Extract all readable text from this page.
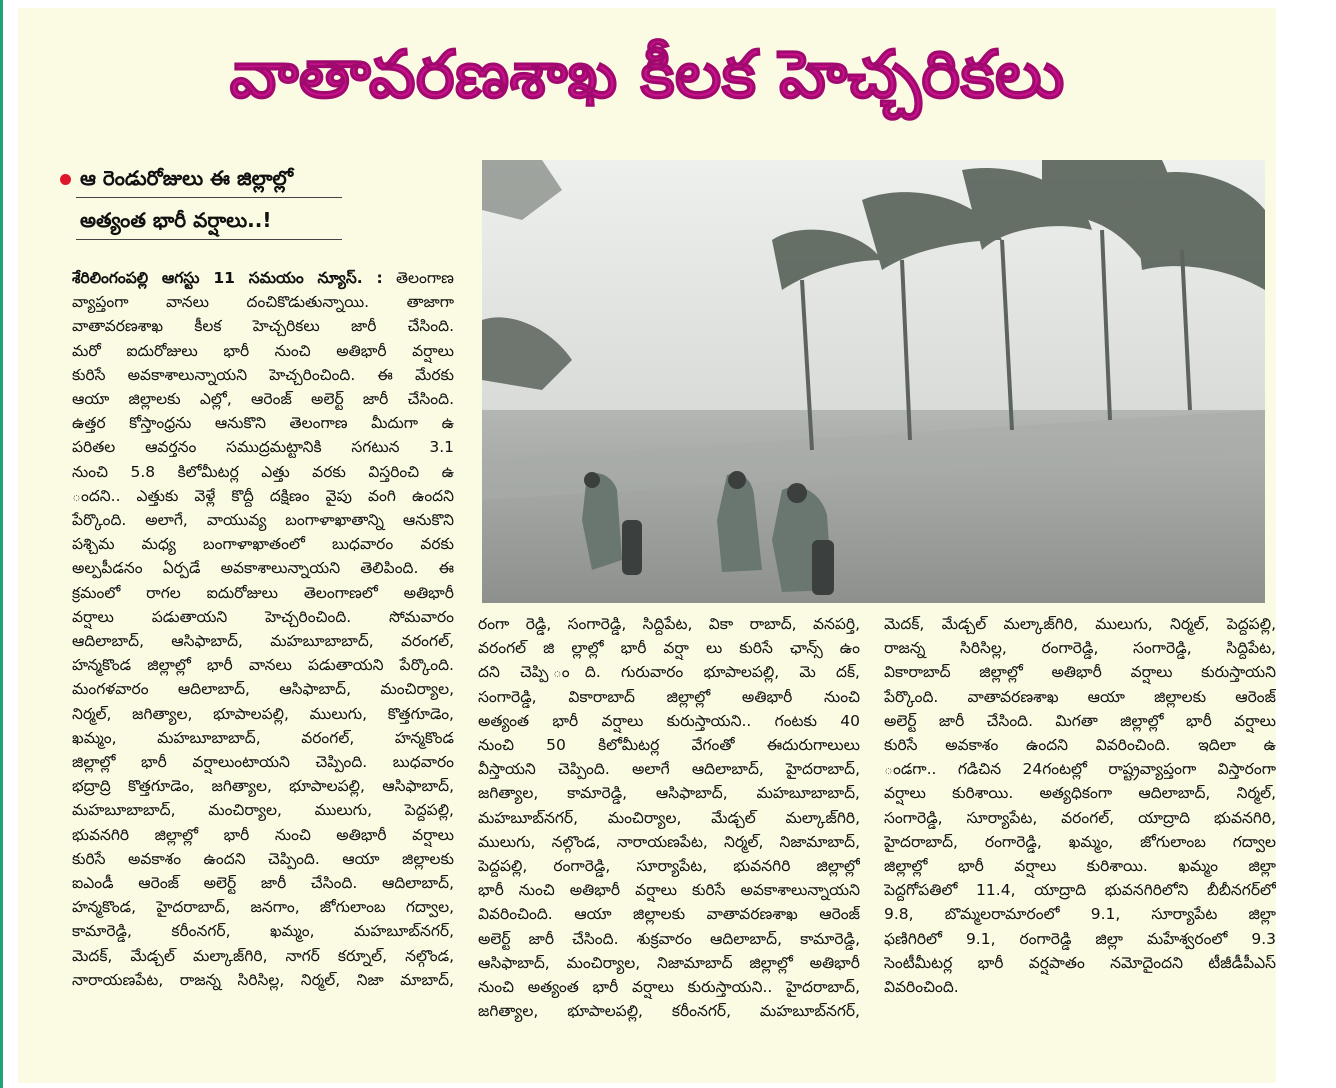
వాతావరణశాఖ కీలక హెచ్చరికలు
ఆ రెండురోజులు ఈ జిల్లాల్లో
అత్యంత భారీ వర్షాలు..!

శేరిలింగంపల్లి ఆగస్టు 11 సమయం న్యూస్. : తెలంగాణ

వ్యాప్తంగా వానలు దంచికొడుతున్నాయి. తాజాగా

వాతావరణశాఖ కీలక హెచ్చరికలు జారీ చేసింది.

మరో ఐదురోజులు భారీ నుంచి అతిభారీ వర్షాలు

కురిసే అవకాశాలున్నాయని హెచ్చరించింది. ఈ మేరకు

ఆయా జిల్లాలకు ఎల్లో, ఆరెంజ్ అలెర్ట్ జారీ చేసింది.

ఉత్తర కోస్తాంధ్రను ఆనుకొని తెలంగాణ మీదుగా ఉ

పరితల ఆవర్తనం సముద్రమట్టానికి సగటున 3.1

నుంచి 5.8 కిలోమీటర్ల ఎత్తు వరకు విస్తరించి ఉ

ందని.. ఎత్తుకు వెళ్లే కొద్దీ దక్షిణం వైపు వంగి ఉందని

పేర్కొంది. అలాగే, వాయువ్య బంగాళాఖాతాన్ని ఆనుకొని

పశ్చిమ మధ్య బంగాళాఖాతంలో బుధవారం వరకు

అల్పపీడనం ఏర్పడే అవకాశాలున్నాయని తెలిపింది. ఈ

క్రమంలో రాగల ఐదురోజులు తెలంగాణలో అతిభారీ

వర్షాలు పడుతాయని హెచ్చరించింది. సోమవారం

ఆదిలాబాద్, ఆసిఫాబాద్, మహబూబాబాద్, వరంగల్,

హన్మకొండ జిల్లాల్లో భారీ వానలు పడుతాయని పేర్కొంది.

మంగళవారం ఆదిలాబాద్, ఆసిఫాబాద్, మంచిర్యాల,

నిర్మల్, జగిత్యాల, భూపాలపల్లి, ములుగు, కొత్తగూడెం,

ఖమ్మం, మహబూబాబాద్, వరంగల్, హన్మకొండ

జిల్లాల్లో భారీ వర్షాలుంటాయని చెప్పింది. బుధవారం

భద్రాద్రి కొత్తగూడెం, జగిత్యాల, భూపాలపల్లి, ఆసిఫాబాద్,

మహబూబాబాద్, మంచిర్యాల, ములుగు, పెద్దపల్లి,

భువనగిరి జిల్లాల్లో భారీ నుంచి అతిభారీ వర్షాలు

కురిసే అవకాశం ఉందని చెప్పింది. ఆయా జిల్లాలకు

ఐఎండీ ఆరెంజ్ అలెర్ట్ జారీ చేసింది. ఆదిలాబాద్,

హన్మకొండ, హైదరాబాద్, జనగాం, జోగులాంబ గద్వాల,

కామారెడ్డి, కరీంనగర్, ఖమ్మం, మహబూబ్‌నగర్,

మెదక్, మేడ్చల్ మల్కాజ్‌గిరి, నాగర్ కర్నూల్, నల్గొండ,

నారాయణపేట, రాజన్న సిరిసిల్ల, నిర్మల్, నిజా మాబాద్,

రంగా రెడ్డి, సంగారెడ్డి, సిద్దిపేట, వికా రాబాద్, వనపర్తి,

వరంగల్ జి ల్లాల్లో భారీ వర్షా లు కురిసే ఛాన్స్ ఉం

దని చెప్పి ంది. గురువారం భూపాలపల్లి, మె దక్,

సంగారెడ్డి, వికారాబాద్ జిల్లాల్లో అతిభారీ నుంచి

అత్యంత భారీ వర్షాలు కురుస్తాయని.. గంటకు 40

నుంచి 50 కిలోమీటర్ల వేగంతో ఈదురుగాలులు

వీస్తాయని చెప్పింది. అలాగే ఆదిలాబాద్, హైదరాబాద్,

జగిత్యాల, కామారెడ్డి, ఆసిఫాబాద్, మహబూబాబాద్,

మహబూబ్‌నగర్, మంచిర్యాల, మేడ్చల్ మల్కాజ్‌గిరి,

ములుగు, నల్గొండ, నారాయణపేట, నిర్మల్, నిజామాబాద్,

పెద్దపల్లి, రంగారెడ్డి, సూర్యాపేట, భువనగిరి జిల్లాల్లో

భారీ నుంచి అతిభారీ వర్షాలు కురిసే అవకాశాలున్నాయని

వివరించింది. ఆయా జిల్లాలకు వాతావరణశాఖ ఆరెంజ్

అలెర్ట్ జారీ చేసింది. శుక్రవారం ఆదిలాబాద్, కామారెడ్డి,

ఆసిఫాబాద్, మంచిర్యాల, నిజామాబాద్ జిల్లాల్లో అతిభారీ

నుంచి అత్యంత భారీ వర్షాలు కురుస్తాయని.. హైదరాబాద్,

జగిత్యాల, భూపాలపల్లి, కరీంనగర్, మహబూబ్‌నగర్,

మెదక్, మేడ్చల్ మల్కాజ్‌గిరి, ములుగు, నిర్మల్, పెద్దపల్లి,

రాజన్న సిరిసిల్ల, రంగారెడ్డి, సంగారెడ్డి, సిద్దిపేట,

వికారాబాద్ జిల్లాల్లో అతిభారీ వర్షాలు కురుస్తాయని

పేర్కొంది. వాతావరణశాఖ ఆయా జిల్లాలకు ఆరెంజ్

అలెర్ట్ జారీ చేసింది. మిగతా జిల్లాల్లో భారీ వర్షాలు

కురిసే అవకాశం ఉందని వివరించింది. ఇదిలా ఉ

ండగా.. గడిచిన 24గంటల్లో రాష్ట్రవ్యాప్తంగా విస్తారంగా

వర్షాలు కురిశాయి. అత్యధికంగా ఆదిలాబాద్, నిర్మల్,

సంగారెడ్డి, సూర్యాపేట, వరంగల్, యాద్రాది భువనగిరి,

హైదరాబాద్, రంగారెడ్డి, ఖమ్మం, జోగులాంబ గద్వాల

జిల్లాల్లో భారీ వర్షాలు కురిశాయి. ఖమ్మం జిల్లా

పెద్దగోపతిలో 11.4, యాద్రాది భువనగిరిలోని బీబీనగర్‌లో

9.8, బొమ్మలరామారంలో 9.1, సూర్యాపేట జిల్లా

ఫణిగిరిలో 9.1, రంగారెడ్డి జిల్లా మహేశ్వరంలో 9.3

సెంటీమీటర్ల భారీ వర్షపాతం నమోదైందని టీజీడీపీఎస్

వివరించింది.
